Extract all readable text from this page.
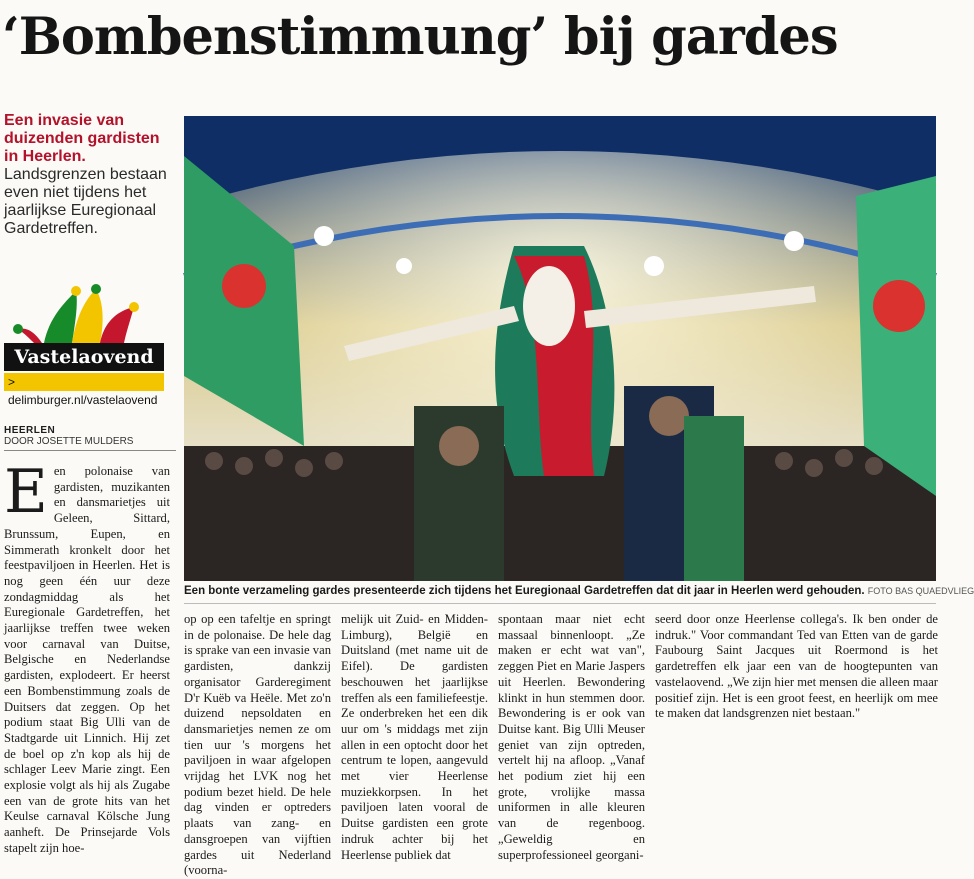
‘Bombenstimmung’ bij gardes
Een invasie van duizenden gardisten in Heerlen.
Landsgrenzen bestaan even niet tijdens het jaarlijkse Euregionaal Gardetreffen.
Vastelaovend
> delimburger.nl/vastelaovend
HEERLEN
DOOR JOSETTE MULDERS
E en polonaise van gardisten, muzikanten en dansmarietjes uit Geleen, Sittard, Brunssum, Eupen, en Simmerath kronkelt door het feestpaviljoen in Heerlen. Het is nog geen één uur deze zondagmiddag als het Euregionale Gardetreffen, het jaarlijkse treffen twee weken voor carnaval van Duitse, Belgische en Nederlandse gardisten, explodeert. Er heerst een Bombenstimmung zoals de Duitsers dat zeggen. Op het podium staat Big Ulli van de Stadtgarde uit Linnich. Hij zet de boel op z'n kop als hij de schlager Leev Marie zingt. Een explosie volgt als hij als Zugabe een van de grote hits van het Keulse carnaval Kölsche Jung aanheft. De Prinsejarde Vols stapelt zijn hoe-

Een bonte verzameling gardes presenteerde zich tijdens het Euregionaal Gardetreffen dat dit jaar in Heerlen werd gehouden. FOTO BAS QUAEDVLIEG

op op een tafeltje en springt in de polonaise. De hele dag is sprake van een invasie van gardisten, dankzij organisator Garderegiment D'r Kuëb va Heële. Met zo'n duizend nepsoldaten en dansmarietjes nemen ze om tien uur 's morgens het paviljoen in waar afgelopen vrijdag het LVK nog het podium bezet hield. De hele dag vinden er optreders plaats van zang- en dansgroepen van vijftien gardes uit Nederland (voorna-

melijk uit Zuid- en Midden-Limburg), België en Duitsland (met name uit de Eifel). De gardisten beschouwen het jaarlijkse treffen als een familiefeestje. Ze onderbreken het een dik uur om 's middags met zijn allen in een optocht door het centrum te lopen, aangevuld met vier Heerlense muziekkorpsen. In het paviljoen laten vooral de Duitse gardisten een grote indruk achter bij het Heerlense publiek dat

spontaan maar niet echt massaal binnenloopt. „Ze maken er echt wat van", zeggen Piet en Marie Jaspers uit Heerlen. Bewondering klinkt in hun stemmen door. Bewondering is er ook van Duitse kant. Big Ulli Meuser geniet van zijn optreden, vertelt hij na afloop. „Vanaf het podium ziet hij een grote, vrolijke massa uniformen in alle kleuren van de regenboog. „Geweldig en superprofessioneel georgani-

seerd door onze Heerlense collega's. Ik ben onder de indruk." Voor commandant Ted van Etten van de garde Faubourg Saint Jacques uit Roermond is het gardetreffen elk jaar een van de hoogtepunten van vastelaovend. „We zijn hier met mensen die alleen maar positief zijn. Het is een groot feest, en heerlijk om mee te maken dat landsgrenzen niet bestaan."
